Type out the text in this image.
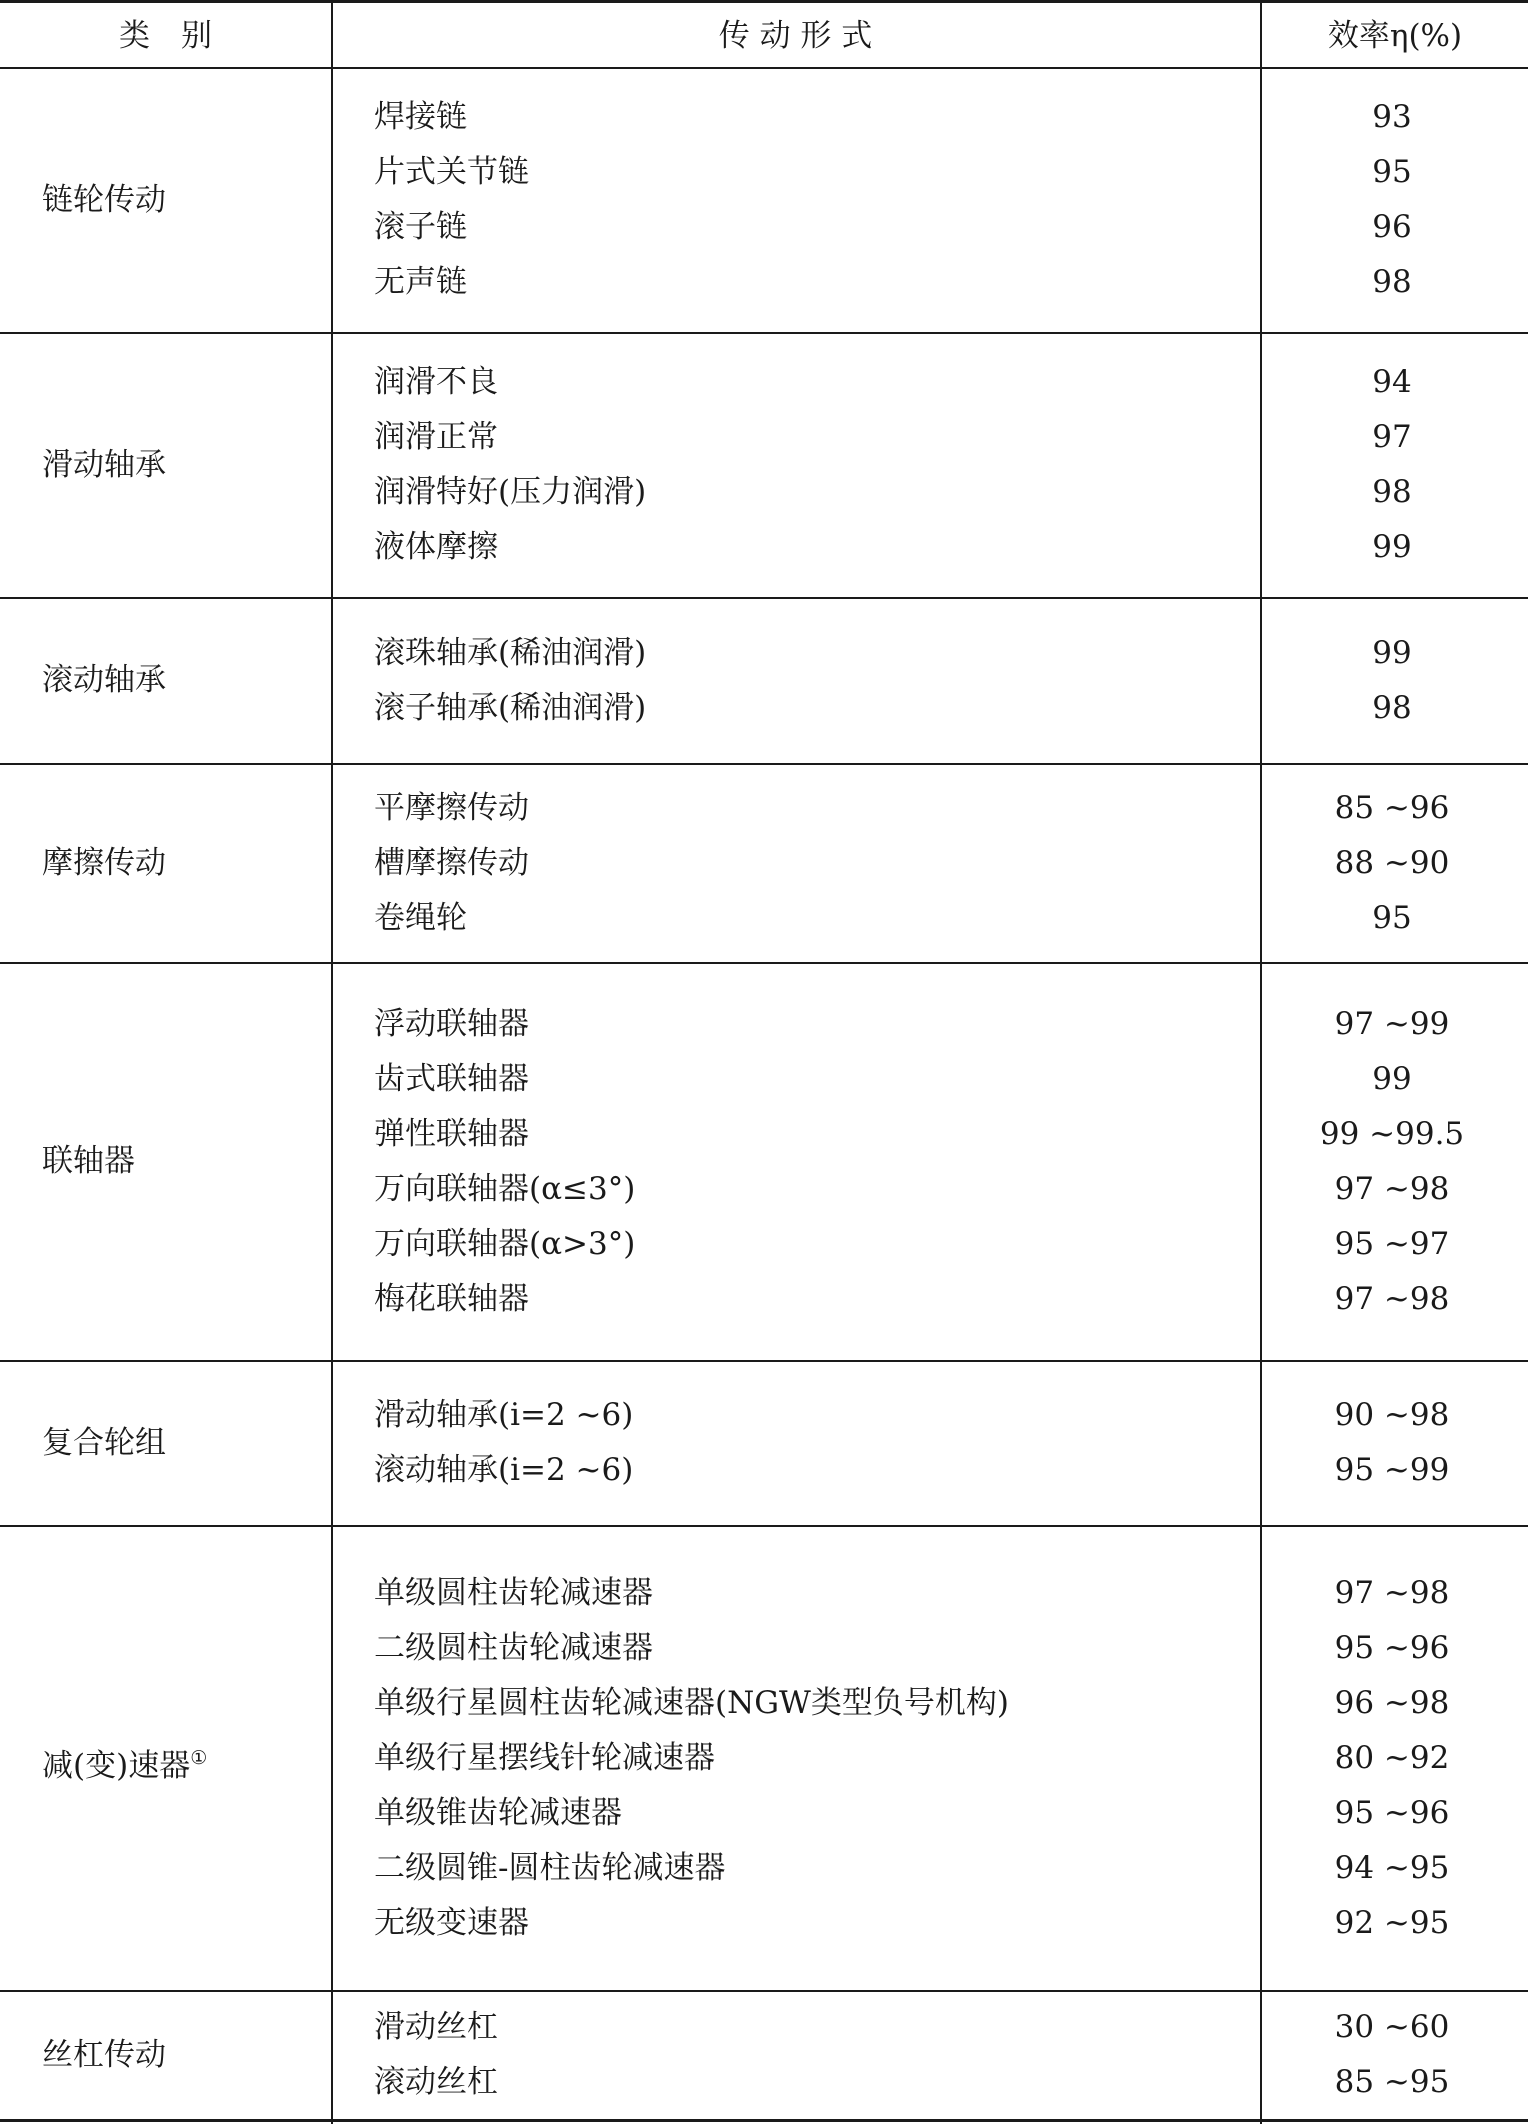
类　别	传 动 形 式	效率η(%)
链轮传动
焊接链	93
片式关节链	95
滚子链	96
无声链	98
滑动轴承
润滑不良	94
润滑正常	97
润滑特好(压力润滑)	98
液体摩擦	99
滚动轴承
滚珠轴承(稀油润滑)	99
滚子轴承(稀油润滑)	98
摩擦传动
平摩擦传动	85 ~96
槽摩擦传动	88 ~90
卷绳轮	95
联轴器
浮动联轴器	97 ~99
齿式联轴器	99
弹性联轴器	99 ~99.5
万向联轴器(α≤3°)	97 ~98
万向联轴器(α>3°)	95 ~97
梅花联轴器	97 ~98
复合轮组
滑动轴承(i=2 ~6)	90 ~98
滚动轴承(i=2 ~6)	95 ~99
减(变)速器①
单级圆柱齿轮减速器	97 ~98
二级圆柱齿轮减速器	95 ~96
单级行星圆柱齿轮减速器(NGW类型负号机构)	96 ~98
单级行星摆线针轮减速器	80 ~92
单级锥齿轮减速器	95 ~96
二级圆锥-圆柱齿轮减速器	94 ~95
无级变速器	92 ~95
丝杠传动
滑动丝杠	30 ~60
滚动丝杠	85 ~95
